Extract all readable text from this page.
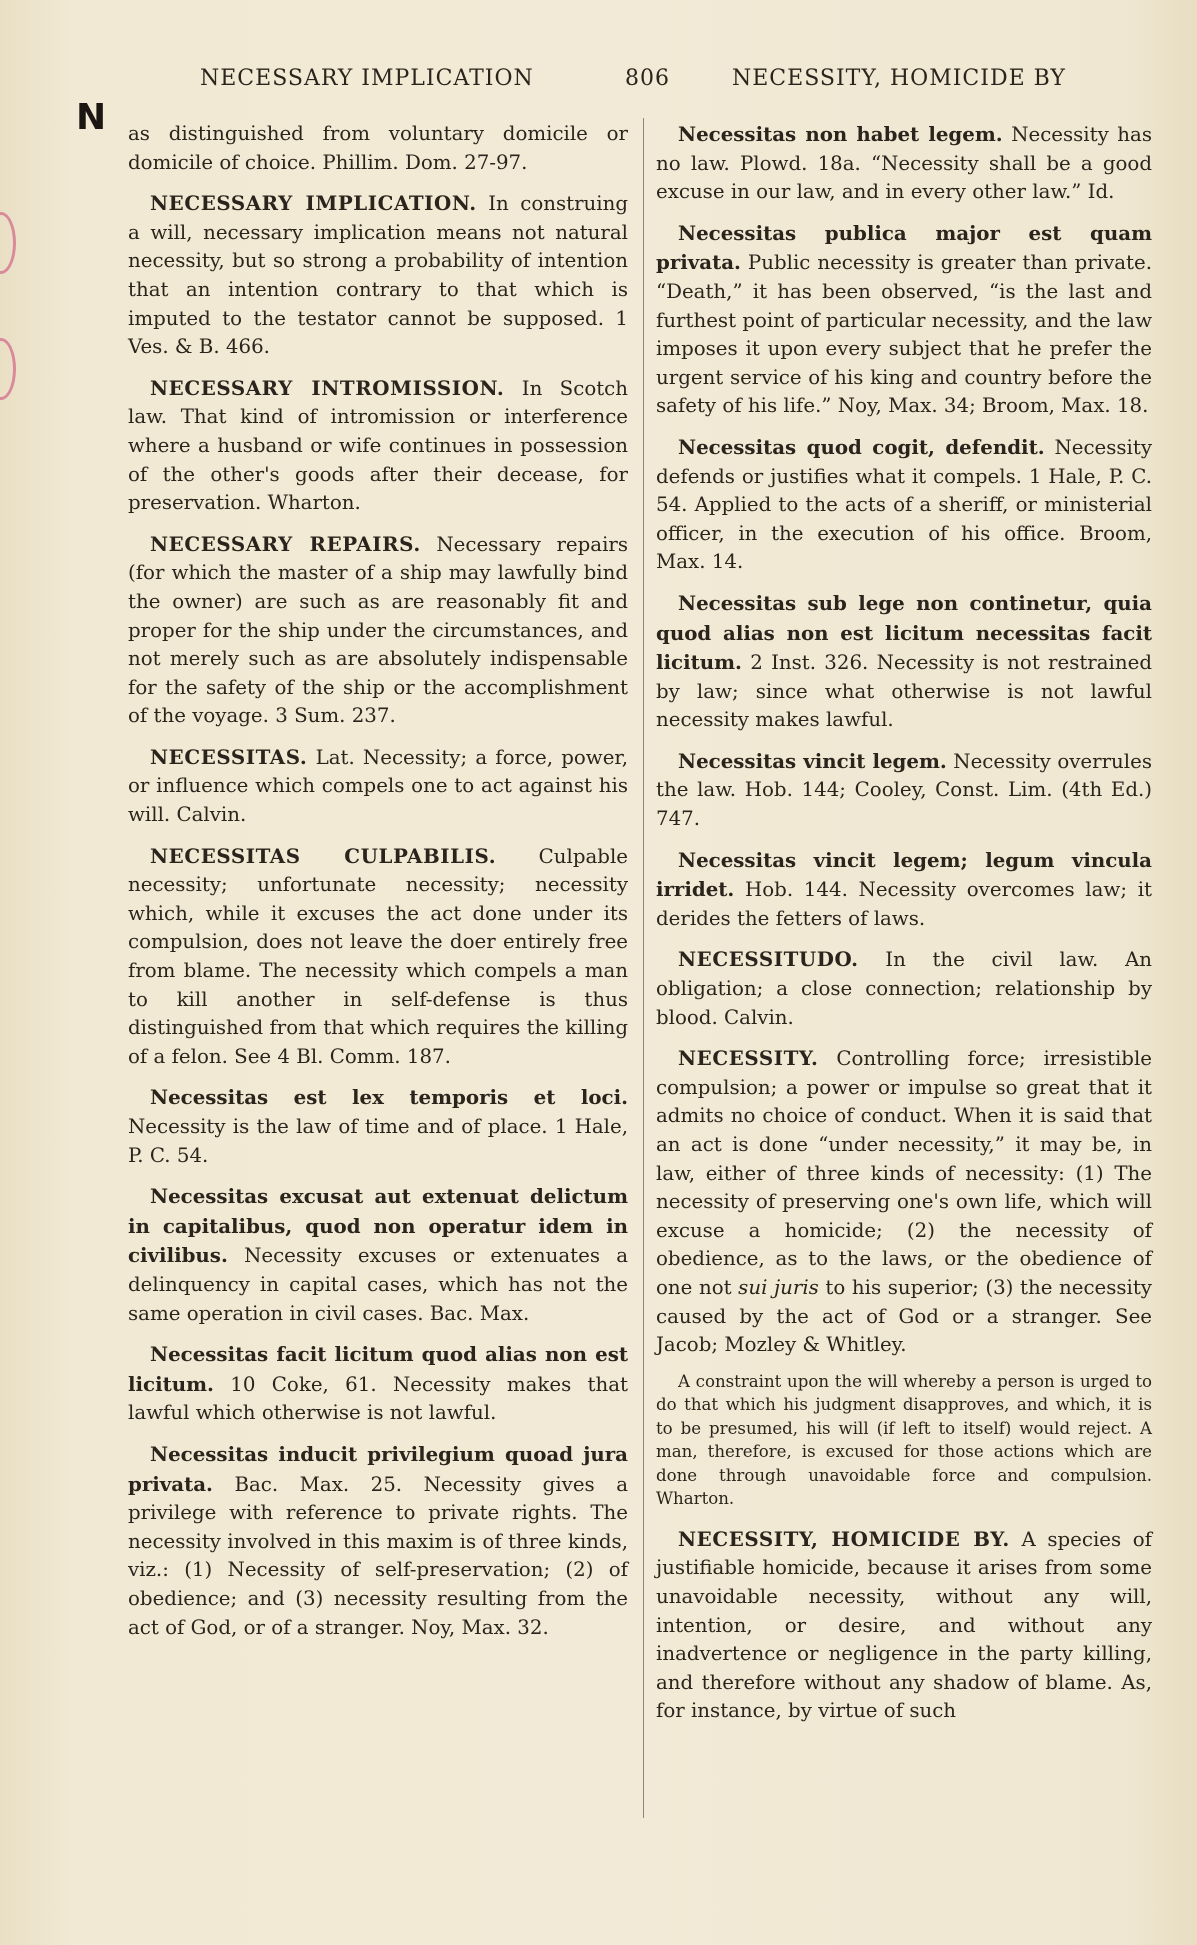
NECESSARY IMPLICATION	806	NECESSITY, HOMICIDE BY
N as distinguished from voluntary domicile or domicile of choice. Phillim. Dom. 27-97.

NECESSARY IMPLICATION. In construing a will, necessary implication means not natural necessity, but so strong a probability of intention that an intention contrary to that which is imputed to the testator cannot be supposed. 1 Ves. & B. 466.

NECESSARY INTROMISSION. In Scotch law. That kind of intromission or interference where a husband or wife continues in possession of the other's goods after their decease, for preservation. Wharton.

NECESSARY REPAIRS. Necessary repairs (for which the master of a ship may lawfully bind the owner) are such as are reasonably fit and proper for the ship under the circumstances, and not merely such as are absolutely indispensable for the safety of the ship or the accomplishment of the voyage. 3 Sum. 237.

NECESSITAS. Lat. Necessity; a force, power, or influence which compels one to act against his will. Calvin.

NECESSITAS CULPABILIS. Culpable necessity; unfortunate necessity; necessity which, while it excuses the act done under its compulsion, does not leave the doer entirely free from blame. The necessity which compels a man to kill another in self-defense is thus distinguished from that which requires the killing of a felon. See 4 Bl. Comm. 187.

Necessitas est lex temporis et loci. Necessity is the law of time and of place. 1 Hale, P. C. 54.

Necessitas excusat aut extenuat delictum in capitalibus, quod non operatur idem in civilibus. Necessity excuses or extenuates a delinquency in capital cases, which has not the same operation in civil cases. Bac. Max.

Necessitas facit licitum quod alias non est licitum. 10 Coke, 61. Necessity makes that lawful which otherwise is not lawful.

Necessitas inducit privilegium quoad jura privata. Bac. Max. 25. Necessity gives a privilege with reference to private rights. The necessity involved in this maxim is of three kinds, viz.: (1) Necessity of self-preservation; (2) of obedience; and (3) necessity resulting from the act of God, or of a stranger. Noy, Max. 32.

Necessitas non habet legem. Necessity has no law. Plowd. 18a. “Necessity shall be a good excuse in our law, and in every other law.” Id.

Necessitas publica major est quam privata. Public necessity is greater than private. “Death,” it has been observed, “is the last and furthest point of particular necessity, and the law imposes it upon every subject that he prefer the urgent service of his king and country before the safety of his life.” Noy, Max. 34; Broom, Max. 18.

Necessitas quod cogit, defendit. Necessity defends or justifies what it compels. 1 Hale, P. C. 54. Applied to the acts of a sheriff, or ministerial officer, in the execution of his office. Broom, Max. 14.

Necessitas sub lege non continetur, quia quod alias non est licitum necessitas facit licitum. 2 Inst. 326. Necessity is not restrained by law; since what otherwise is not lawful necessity makes lawful.

Necessitas vincit legem. Necessity overrules the law. Hob. 144; Cooley, Const. Lim. (4th Ed.) 747.

Necessitas vincit legem; legum vincula irridet. Hob. 144. Necessity overcomes law; it derides the fetters of laws.

NECESSITUDO. In the civil law. An obligation; a close connection; relationship by blood. Calvin.

NECESSITY. Controlling force; irresistible compulsion; a power or impulse so great that it admits no choice of conduct. When it is said that an act is done “under necessity,” it may be, in law, either of three kinds of necessity: (1) The necessity of preserving one's own life, which will excuse a homicide; (2) the necessity of obedience, as to the laws, or the obedience of one not sui juris to his superior; (3) the necessity caused by the act of God or a stranger. See Jacob; Mozley & Whitley.

A constraint upon the will whereby a person is urged to do that which his judgment disapproves, and which, it is to be presumed, his will (if left to itself) would reject. A man, therefore, is excused for those actions which are done through unavoidable force and compulsion. Wharton.

NECESSITY, HOMICIDE BY. A species of justifiable homicide, because it arises from some unavoidable necessity, without any will, intention, or desire, and without any inadvertence or negligence in the party killing, and therefore without any shadow of blame. As, for instance, by virtue of such
